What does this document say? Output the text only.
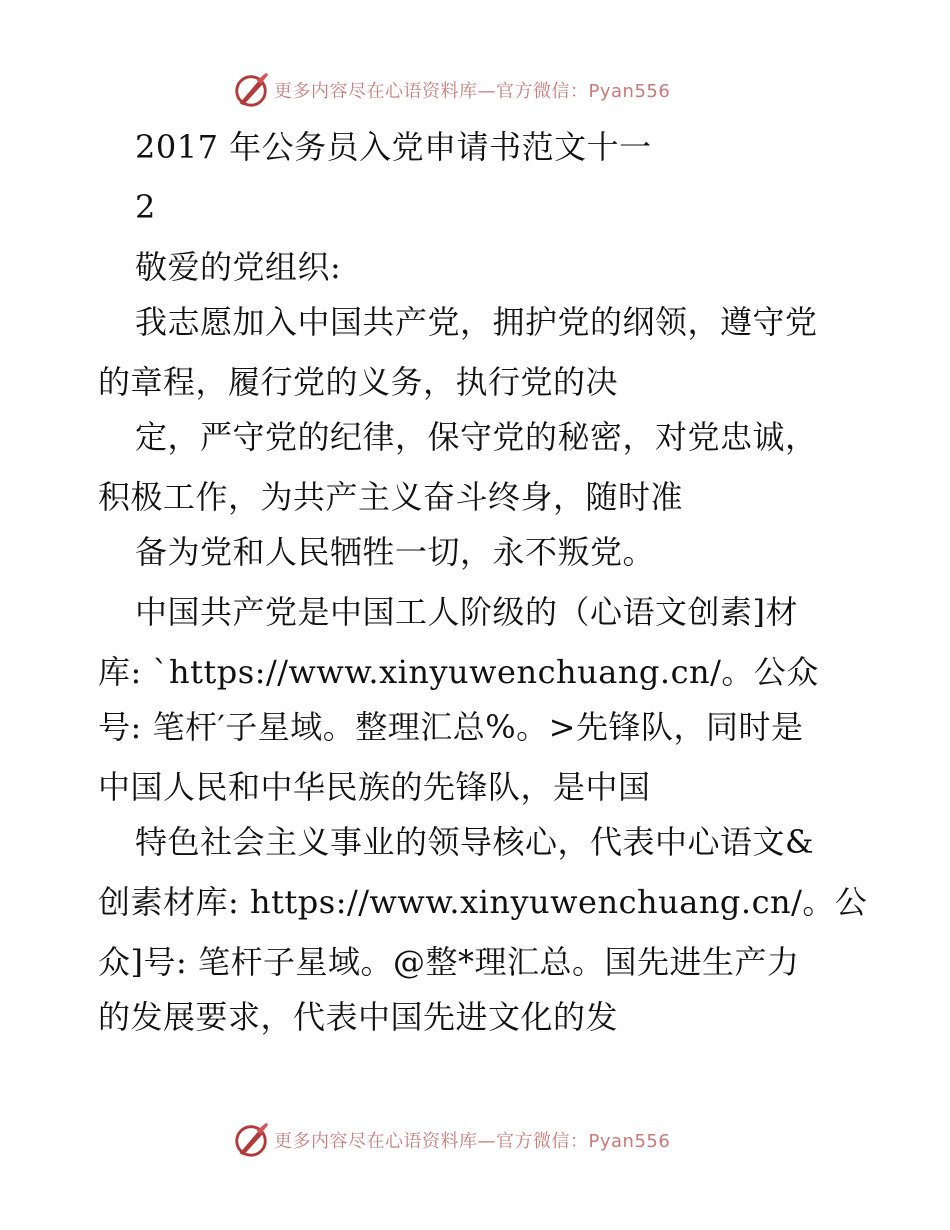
更多内容尽在心语资料库—官方微信：Pyan556
2017 年公务员入党申请书范文十一
2
敬爱的党组织:
我志愿加入中国共产党，拥护党的纲领，遵守党
的章程，履行党的义务，执行党的决
定，严守党的纪律，保守党的秘密，对党忠诚，
积极工作，为共产主义奋斗终身，随时准
备为党和人民牺牲一切，永不叛党。
中国共产党是中国工人阶级的（心语文创素]材
库: `https://www.xinyuwenchuang.cn/。公众
号: 笔杆′子星域。整理汇总%。>先锋队，同时是
中国人民和中华民族的先锋队，是中国
特色社会主义事业的领导核心，代表中心语文&
创素材库: https://www.xinyuwenchuang.cn/。公
众]号: 笔杆子星域。@整*理汇总。国先进生产力
的发展要求，代表中国先进文化的发
更多内容尽在心语资料库—官方微信：Pyan556
